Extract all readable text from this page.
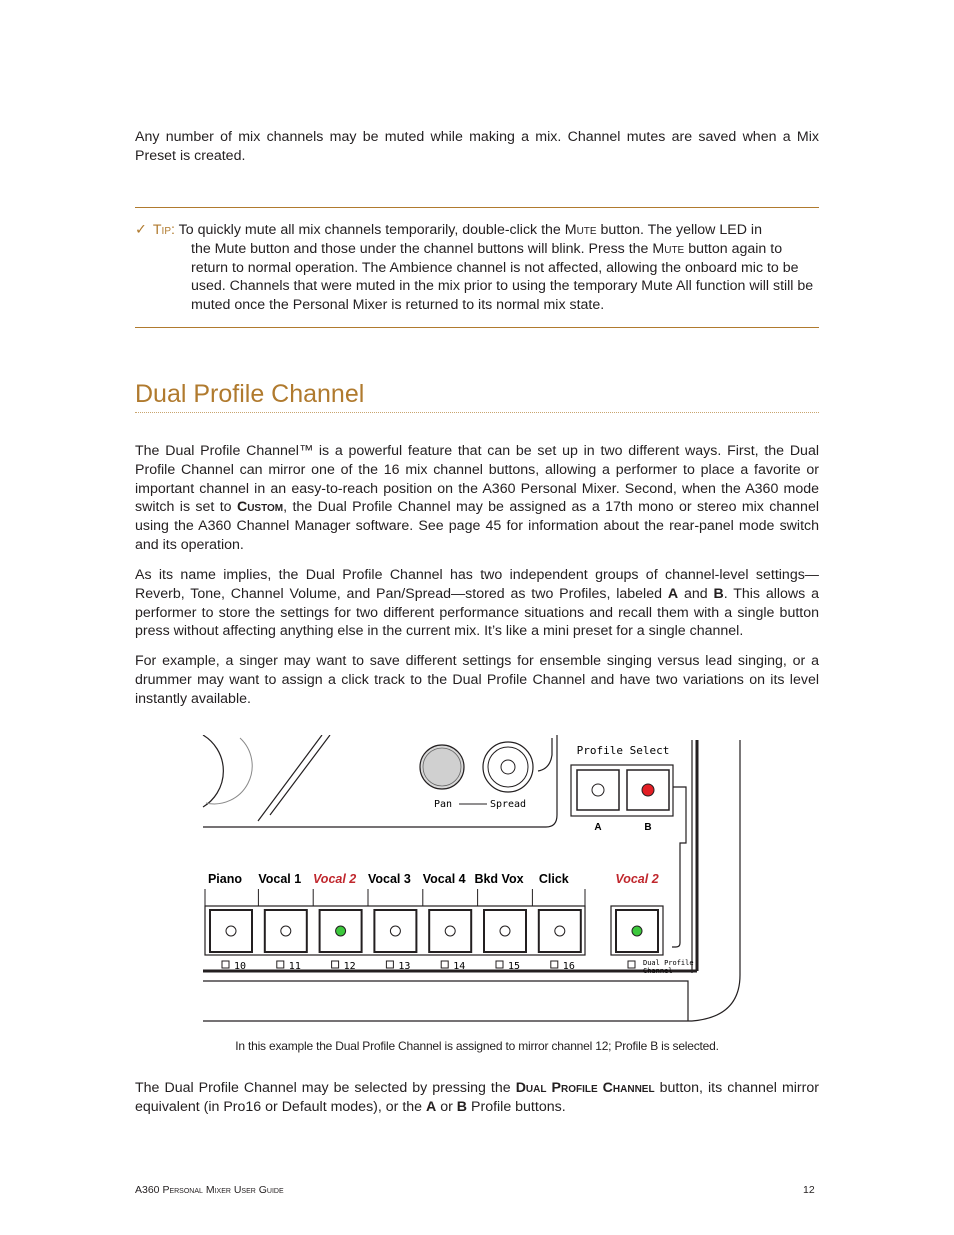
Any number of mix channels may be muted while making a mix. Channel mutes are saved when a Mix Preset is created.

✓ Tip: To quickly mute all mix channels temporarily, double-click the Mute button. The yellow LED in
the Mute button and those under the channel buttons will blink. Press the Mute button again to return to normal operation. The Ambience channel is not affected, allowing the onboard mic to be used. Channels that were muted in the mix prior to using the temporary Mute All function will still be muted once the Personal Mixer is returned to its normal mix state.
Dual Profile Channel

The Dual Profile Channel™ is a powerful feature that can be set up in two different ways. First, the Dual Profile Channel can mirror one of the 16 mix channel buttons, allowing a performer to place a favorite or important channel in an easy-to-reach position on the A360 Personal Mixer. Second, when the A360 mode switch is set to Custom, the Dual Profile Channel may be assigned as a 17th mono or stereo mix channel using the A360 Channel Manager software. See page 45 for information about the rear-panel mode switch and its operation.

As its name implies, the Dual Profile Channel has two independent groups of channel-level settings—Reverb, Tone, Channel Volume, and Pan/Spread—stored as two Profiles, labeled A and B. This allows a performer to store the settings for two different performance situations and recall them with a single button press without affecting anything else in the current mix. It’s like a mini preset for a single channel.

For example, a singer may want to save different settings for ensemble singing versus lead singing, or a drummer may want to assign a click track to the Dual Profile Channel and have two variations on its level instantly available.

Pan	Spread
Profile Select
A	B
Piano
10
Vocal 1
11
Vocal 2
12
Vocal 3
13
Vocal 4
14
Bkd Vox
15
Click
16
Vocal 2
Dual Profile
Channel
In this example the Dual Profile Channel is assigned to mirror channel 12; Profile B is selected.

The Dual Profile Channel may be selected by pressing the Dual Profile Channel button, its channel mirror equivalent (in Pro16 or Default modes), or the A or B Profile buttons.

A360 Personal Mixer User Guide	12
